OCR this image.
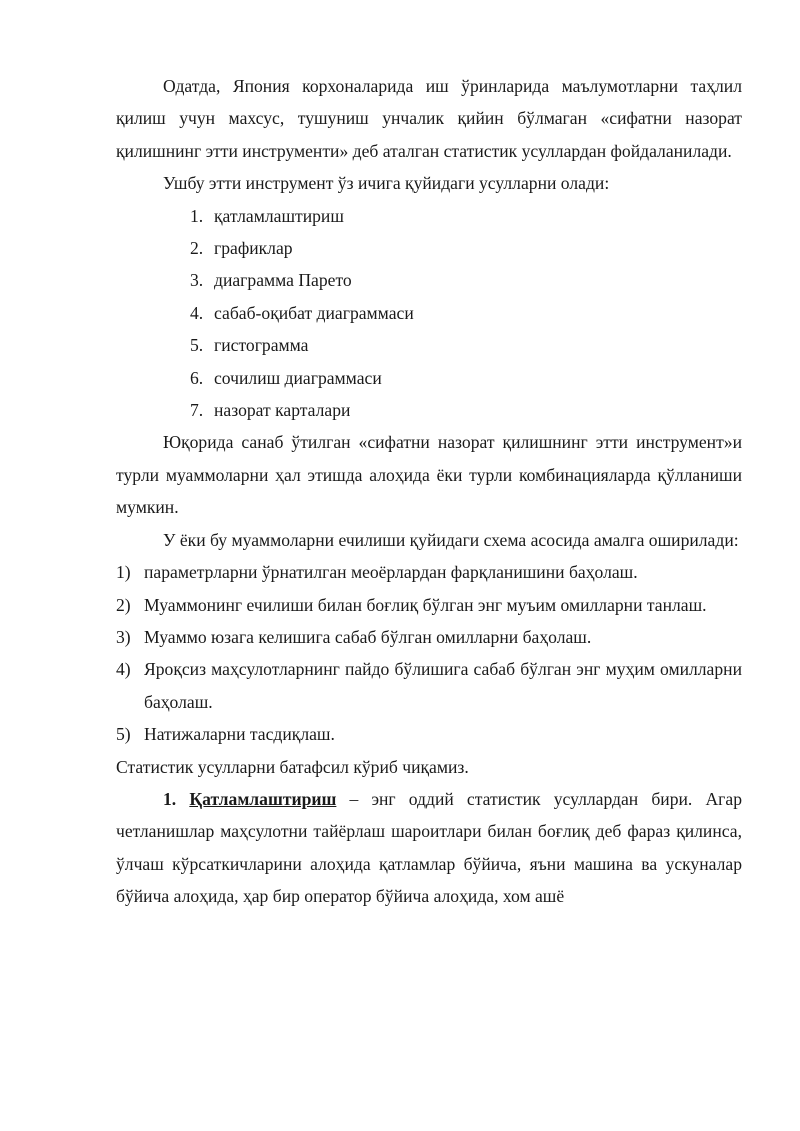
Одатда, Япония корхоналарида иш ўринларида маълумотларни таҳлил қилиш учун махсус, тушуниш унчалик қийин бўлмаган «сифатни назорат қилишнинг этти инструменти» деб аталган статистик усуллардан фойдаланилади.

Ушбу этти инструмент ўз ичига қуйидаги усулларни олади:

1. қатламлаштириш
2. графиклар
3. диаграмма Парето
4. сабаб-оқибат диаграммаси
5. гистограмма
6. сочилиш диаграммаси
7. назорат карталари

Юқорида санаб ўтилган «сифатни назорат қилишнинг этти инструмент»и турли муаммоларни ҳал этишда алоҳида ёки турли комбинацияларда қўлланиши мумкин.

У ёки бу муаммоларни ечилиши қуйидаги схема асосида амалга оширилади:

1) параметрларни ўрнатилган меоёрлардан фарқланишини баҳолаш.
2) Муаммонинг ечилиши билан боғлиқ бўлган энг муъим омилларни танлаш.
3) Муаммо юзага келишига сабаб бўлган омилларни баҳолаш.
4) Яроқсиз маҳсулотларнинг пайдо бўлишига сабаб бўлган энг муҳим омилларни баҳолаш.
5) Натижаларни тасдиқлаш.

Статистик усулларни батафсил кўриб чиқамиз.

1. Қатламлаштириш – энг оддий статистик усуллардан бири. Агар четланишлар маҳсулотни тайёрлаш шароитлари билан боғлиқ деб фараз қилинса, ўлчаш кўрсаткичларини алоҳида қатламлар бўйича, яъни машина ва ускуналар бўйича алоҳида, ҳар бир оператор бўйича алоҳида, хом ашё
